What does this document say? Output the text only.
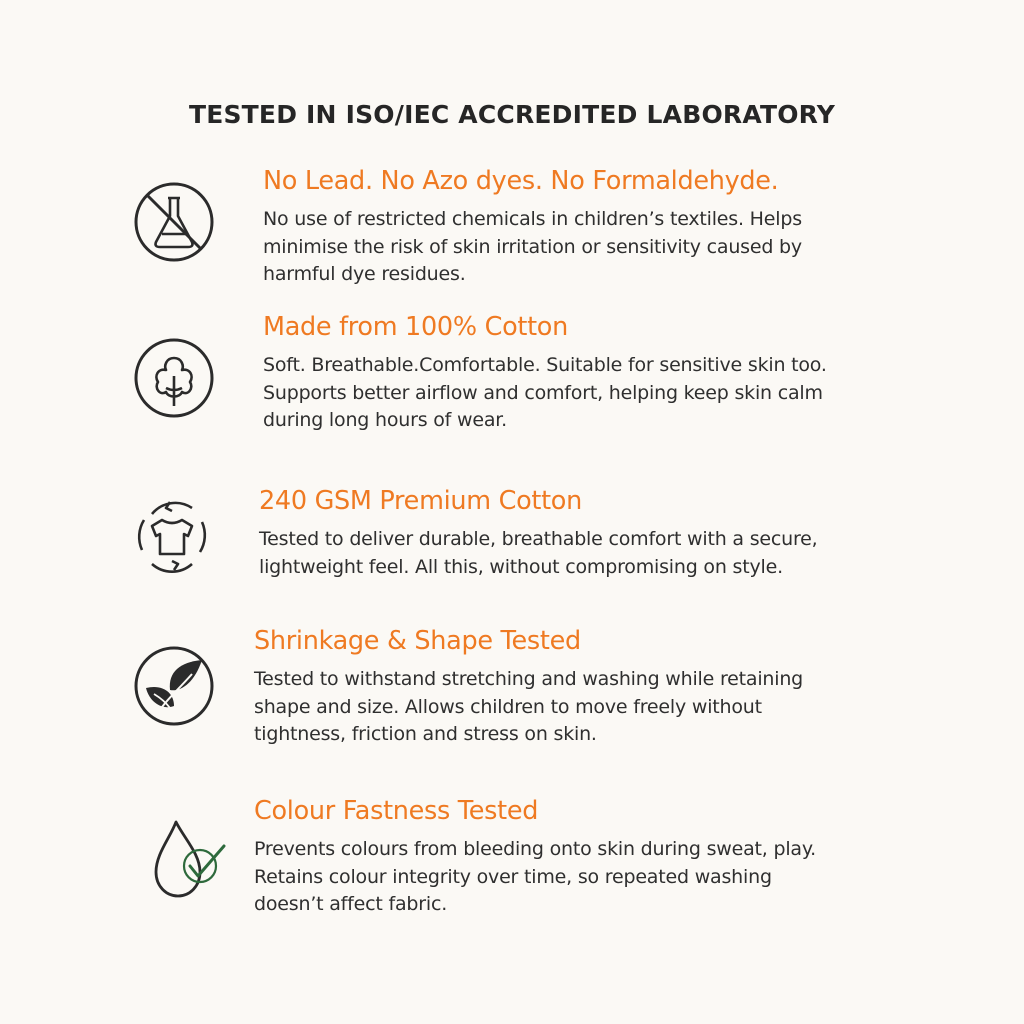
TESTED IN ISO/IEC ACCREDITED LABORATORY
No Lead. No Azo dyes. No Formaldehyde.

No use of restricted chemicals in children’s textiles. Helps
minimise the risk of skin irritation or sensitivity caused by
harmful dye residues.

Made from 100% Cotton

Soft. Breathable.Comfortable. Suitable for sensitive skin too.
Supports better airflow and comfort, helping keep skin calm
during long hours of wear.

240 GSM Premium Cotton

Tested to deliver durable, breathable comfort with a secure,
lightweight feel. All this, without compromising on style.

Shrinkage & Shape Tested

Tested to withstand stretching and washing while retaining
shape and size. Allows children to move freely without
tightness, friction and stress on skin.

Colour Fastness Tested

Prevents colours from bleeding onto skin during sweat, play.
Retains colour integrity over time, so repeated washing
doesn’t affect fabric.
